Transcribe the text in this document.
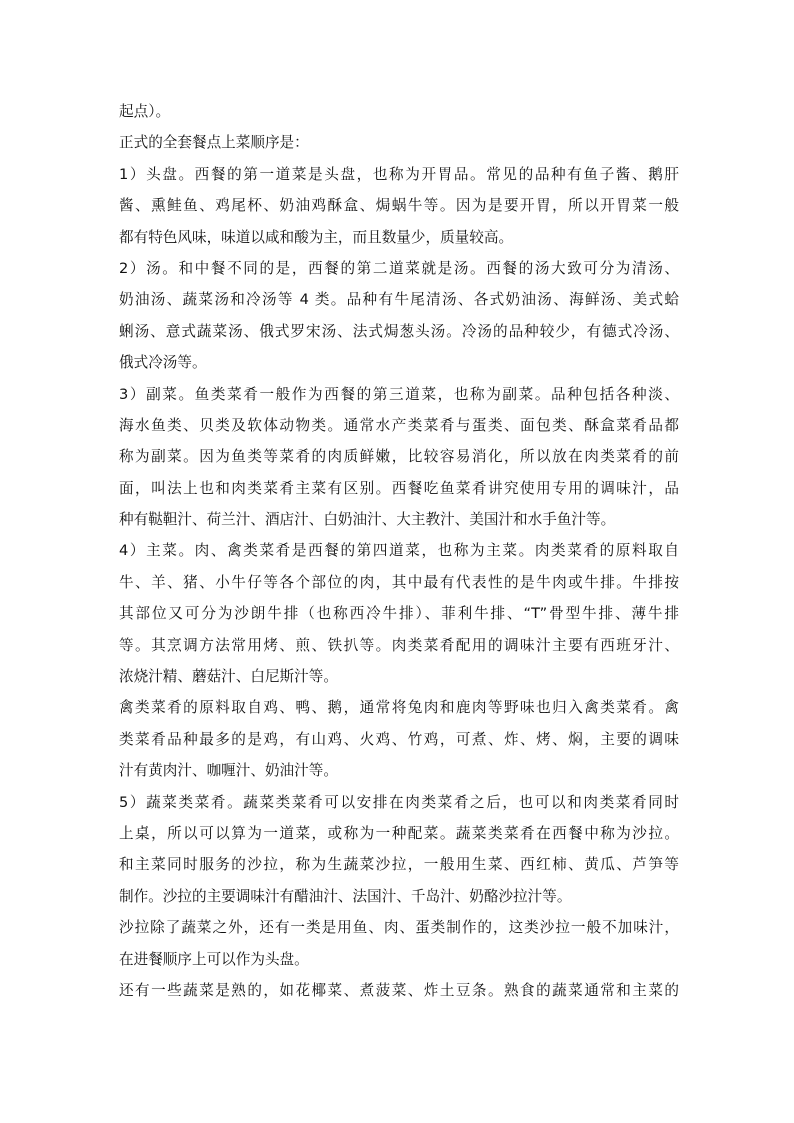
起点）。
正式的全套餐点上菜顺序是：
1）头盘。西餐的第一道菜是头盘，也称为开胃品。常见的品种有鱼子酱、鹅肝
酱、熏鲑鱼、鸡尾杯、奶油鸡酥盒、焗蜗牛等。因为是要开胃，所以开胃菜一般
都有特色风味，味道以咸和酸为主，而且数量少，质量较高。
2）汤。和中餐不同的是，西餐的第二道菜就是汤。西餐的汤大致可分为清汤、
奶油汤、蔬菜汤和冷汤等 4 类。品种有牛尾清汤、各式奶油汤、海鲜汤、美式蛤
蜊汤、意式蔬菜汤、俄式罗宋汤、法式焗葱头汤。冷汤的品种较少，有德式冷汤、
俄式冷汤等。
3）副菜。鱼类菜肴一般作为西餐的第三道菜，也称为副菜。品种包括各种淡、
海水鱼类、贝类及软体动物类。通常水产类菜肴与蛋类、面包类、酥盒菜肴品都
称为副菜。因为鱼类等菜肴的肉质鲜嫩，比较容易消化，所以放在肉类菜肴的前
面，叫法上也和肉类菜肴主菜有区别。西餐吃鱼菜肴讲究使用专用的调味汁，品
种有鞑靼汁、荷兰汁、酒店汁、白奶油汁、大主教汁、美国汁和水手鱼汁等。
4）主菜。肉、禽类菜肴是西餐的第四道菜，也称为主菜。肉类菜肴的原料取自
牛、羊、猪、小牛仔等各个部位的肉，其中最有代表性的是牛肉或牛排。牛排按
其部位又可分为沙朗牛排（也称西冷牛排）、菲利牛排、“T”骨型牛排、薄牛排
等。其烹调方法常用烤、煎、铁扒等。肉类菜肴配用的调味汁主要有西班牙汁、
浓烧汁精、蘑菇汁、白尼斯汁等。
禽类菜肴的原料取自鸡、鸭、鹅，通常将兔肉和鹿肉等野味也归入禽类菜肴。禽
类菜肴品种最多的是鸡，有山鸡、火鸡、竹鸡，可煮、炸、烤、焖，主要的调味
汁有黄肉汁、咖喱汁、奶油汁等。
5）蔬菜类菜肴。蔬菜类菜肴可以安排在肉类菜肴之后，也可以和肉类菜肴同时
上桌，所以可以算为一道菜，或称为一种配菜。蔬菜类菜肴在西餐中称为沙拉。
和主菜同时服务的沙拉，称为生蔬菜沙拉，一般用生菜、西红柿、黄瓜、芦笋等
制作。沙拉的主要调味汁有醋油汁、法国汁、千岛汁、奶酪沙拉汁等。
沙拉除了蔬菜之外，还有一类是用鱼、肉、蛋类制作的，这类沙拉一般不加味汁，
在进餐顺序上可以作为头盘。
还有一些蔬菜是熟的，如花椰菜、煮菠菜、炸土豆条。熟食的蔬菜通常和主菜的
